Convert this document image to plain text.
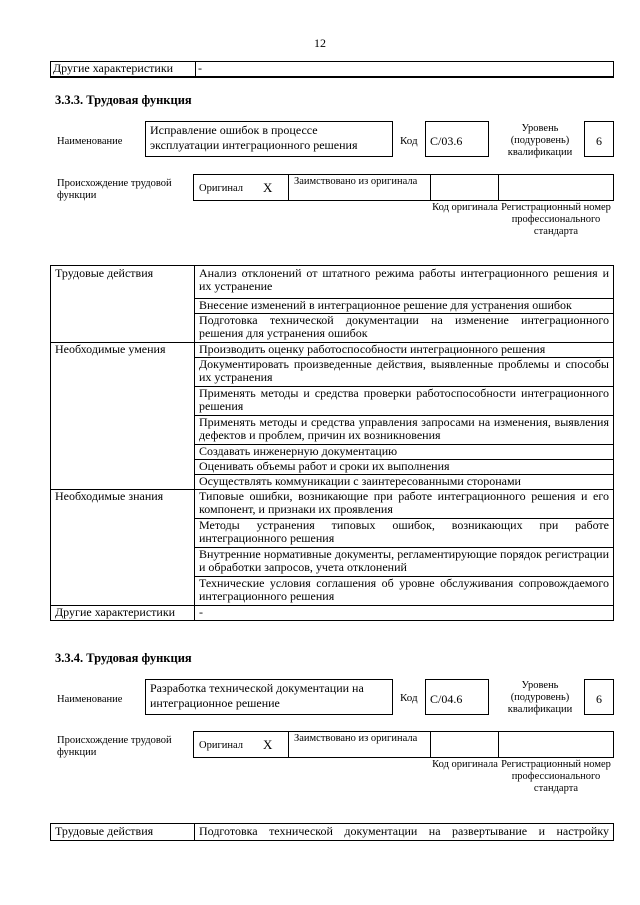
12
Другие характеристики	-
3.3.3. Трудовая функция
Наименование
Исправление ошибок в процессе эксплуатации интеграционного решения	Код	C/03.6
Уровень (подуровень) квалификации
6
Происхождение трудовой функции
Оригинал X Заимствовано из оригинала
Код оригинала Регистрационный номер профессионального стандарта
Трудовые действия	Анализ отклонений от штатного режима работы интеграционного решения и их устранение
	Внесение изменений в интеграционное решение для устранения ошибок
	Подготовка технической документации на изменение интеграционного решения для устранения ошибок
Необходимые умения	Производить оценку работоспособности интеграционного решения
	Документировать произведенные действия, выявленные проблемы и способы их устранения
	Применять методы и средства проверки работоспособности интеграционного решения
	Применять методы и средства управления запросами на изменения, выявления дефектов и проблем, причин их возникновения
	Создавать инженерную документацию
	Оценивать объемы работ и сроки их выполнения
	Осуществлять коммуникации с заинтересованными сторонами
Необходимые знания	Типовые ошибки, возникающие при работе интеграционного решения и его компонент, и признаки их проявления
	Методы устранения типовых ошибок, возникающих при работе интеграционного решения
	Внутренние нормативные документы, регламентирующие порядок регистрации и обработки запросов, учета отклонений
	Технические условия соглашения об уровне обслуживания сопровождаемого интеграционного решения
Другие характеристики	-
3.3.4. Трудовая функция
Наименование
Разработка технической документации на интеграционное решение	Код	C/04.6
Уровень (подуровень) квалификации
6
Происхождение трудовой функции
Оригинал X Заимствовано из оригинала
Код оригинала Регистрационный номер профессионального стандарта
Трудовые действия	Подготовка технической документации на развертывание и настройку
